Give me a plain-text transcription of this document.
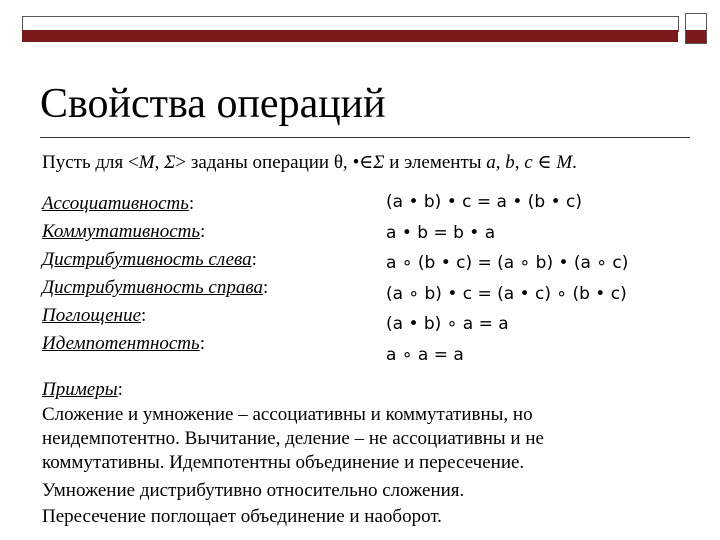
Свойства операций
Пусть для <M, Σ> заданы операции θ, •∈Σ и элементы a, b, c ∈ M.
Ассоциативность:
Коммутативность:
Дистрибутивность слева:
Дистрибутивность справа:
Поглощение:
Идемпотентность:
(a • b) • c = a • (b • c)
a • b = b • a
a ∘ (b • c) = (a ∘ b) • (a ∘ c)
(a ∘ b) • c = (a • c) ∘ (b • c)
(a • b) ∘ a = a
a ∘ a = a
Примеры:
Сложение и умножение – ассоциативны и коммутативны, но неидемпотентно. Вычитание, деление – не ассоциативны и не коммутативны. Идемпотентны объединение и пересечение.
Умножение дистрибутивно относительно сложения.
Пересечение поглощает объединение и наоборот.
